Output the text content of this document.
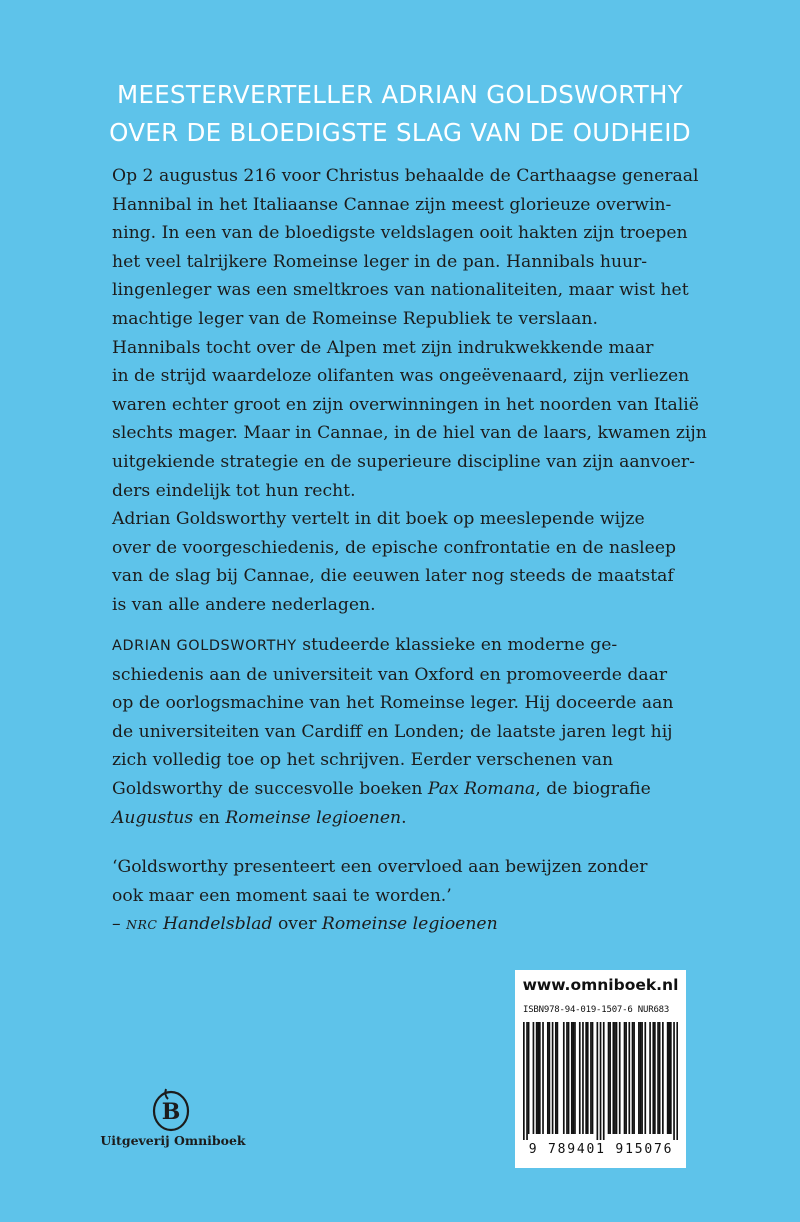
MEESTERVERTELLER ADRIAN GOLDSWORTHY
OVER DE BLOEDIGSTE SLAG VAN DE OUDHEID
Op 2 augustus 216 voor Christus behaalde de Carthaagse generaal
Hannibal in het Italiaanse Cannae zijn meest glorieuze overwin-
ning. In een van de bloedigste veldslagen ooit hakten zijn troepen
het veel talrijkere Romeinse leger in de pan. Hannibals huur-
lingenleger was een smeltkroes van nationaliteiten, maar wist het
machtige leger van de Romeinse Republiek te verslaan.
Hannibals tocht over de Alpen met zijn indrukwekkende maar
in de strijd waardeloze olifanten was ongeëvenaard, zijn verliezen
waren echter groot en zijn overwinningen in het noorden van Italië
slechts mager. Maar in Cannae, in de hiel van de laars, kwamen zijn
uitgekiende strategie en de superieure discipline van zijn aanvoer-
ders eindelijk tot hun recht.
Adrian Goldsworthy vertelt in dit boek op meeslepende wijze
over de voorgeschiedenis, de epische confrontatie en de nasleep
van de slag bij Cannae, die eeuwen later nog steeds de maatstaf
is van alle andere nederlagen.
ADRIAN GOLDSWORTHY studeerde klassieke en moderne ge-
schiedenis aan de universiteit van Oxford en promoveerde daar
op de oorlogsmachine van het Romeinse leger. Hij doceerde aan
de universiteiten van Cardiff en Londen; de laatste jaren legt hij
zich volledig toe op het schrijven. Eerder verschenen van
Goldsworthy de succesvolle boeken Pax Romana, de biografie
Augustus en Romeinse legioenen.
‘Goldsworthy presenteert een overvloed aan bewijzen zonder
ook maar een moment saai te worden.’
– NRC Handelsblad over Romeinse legioenen
www.omniboek.nl
ISBN978-94-019-1507-6 NUR683
9 789401 915076
B
Uitgeverij Omniboek
